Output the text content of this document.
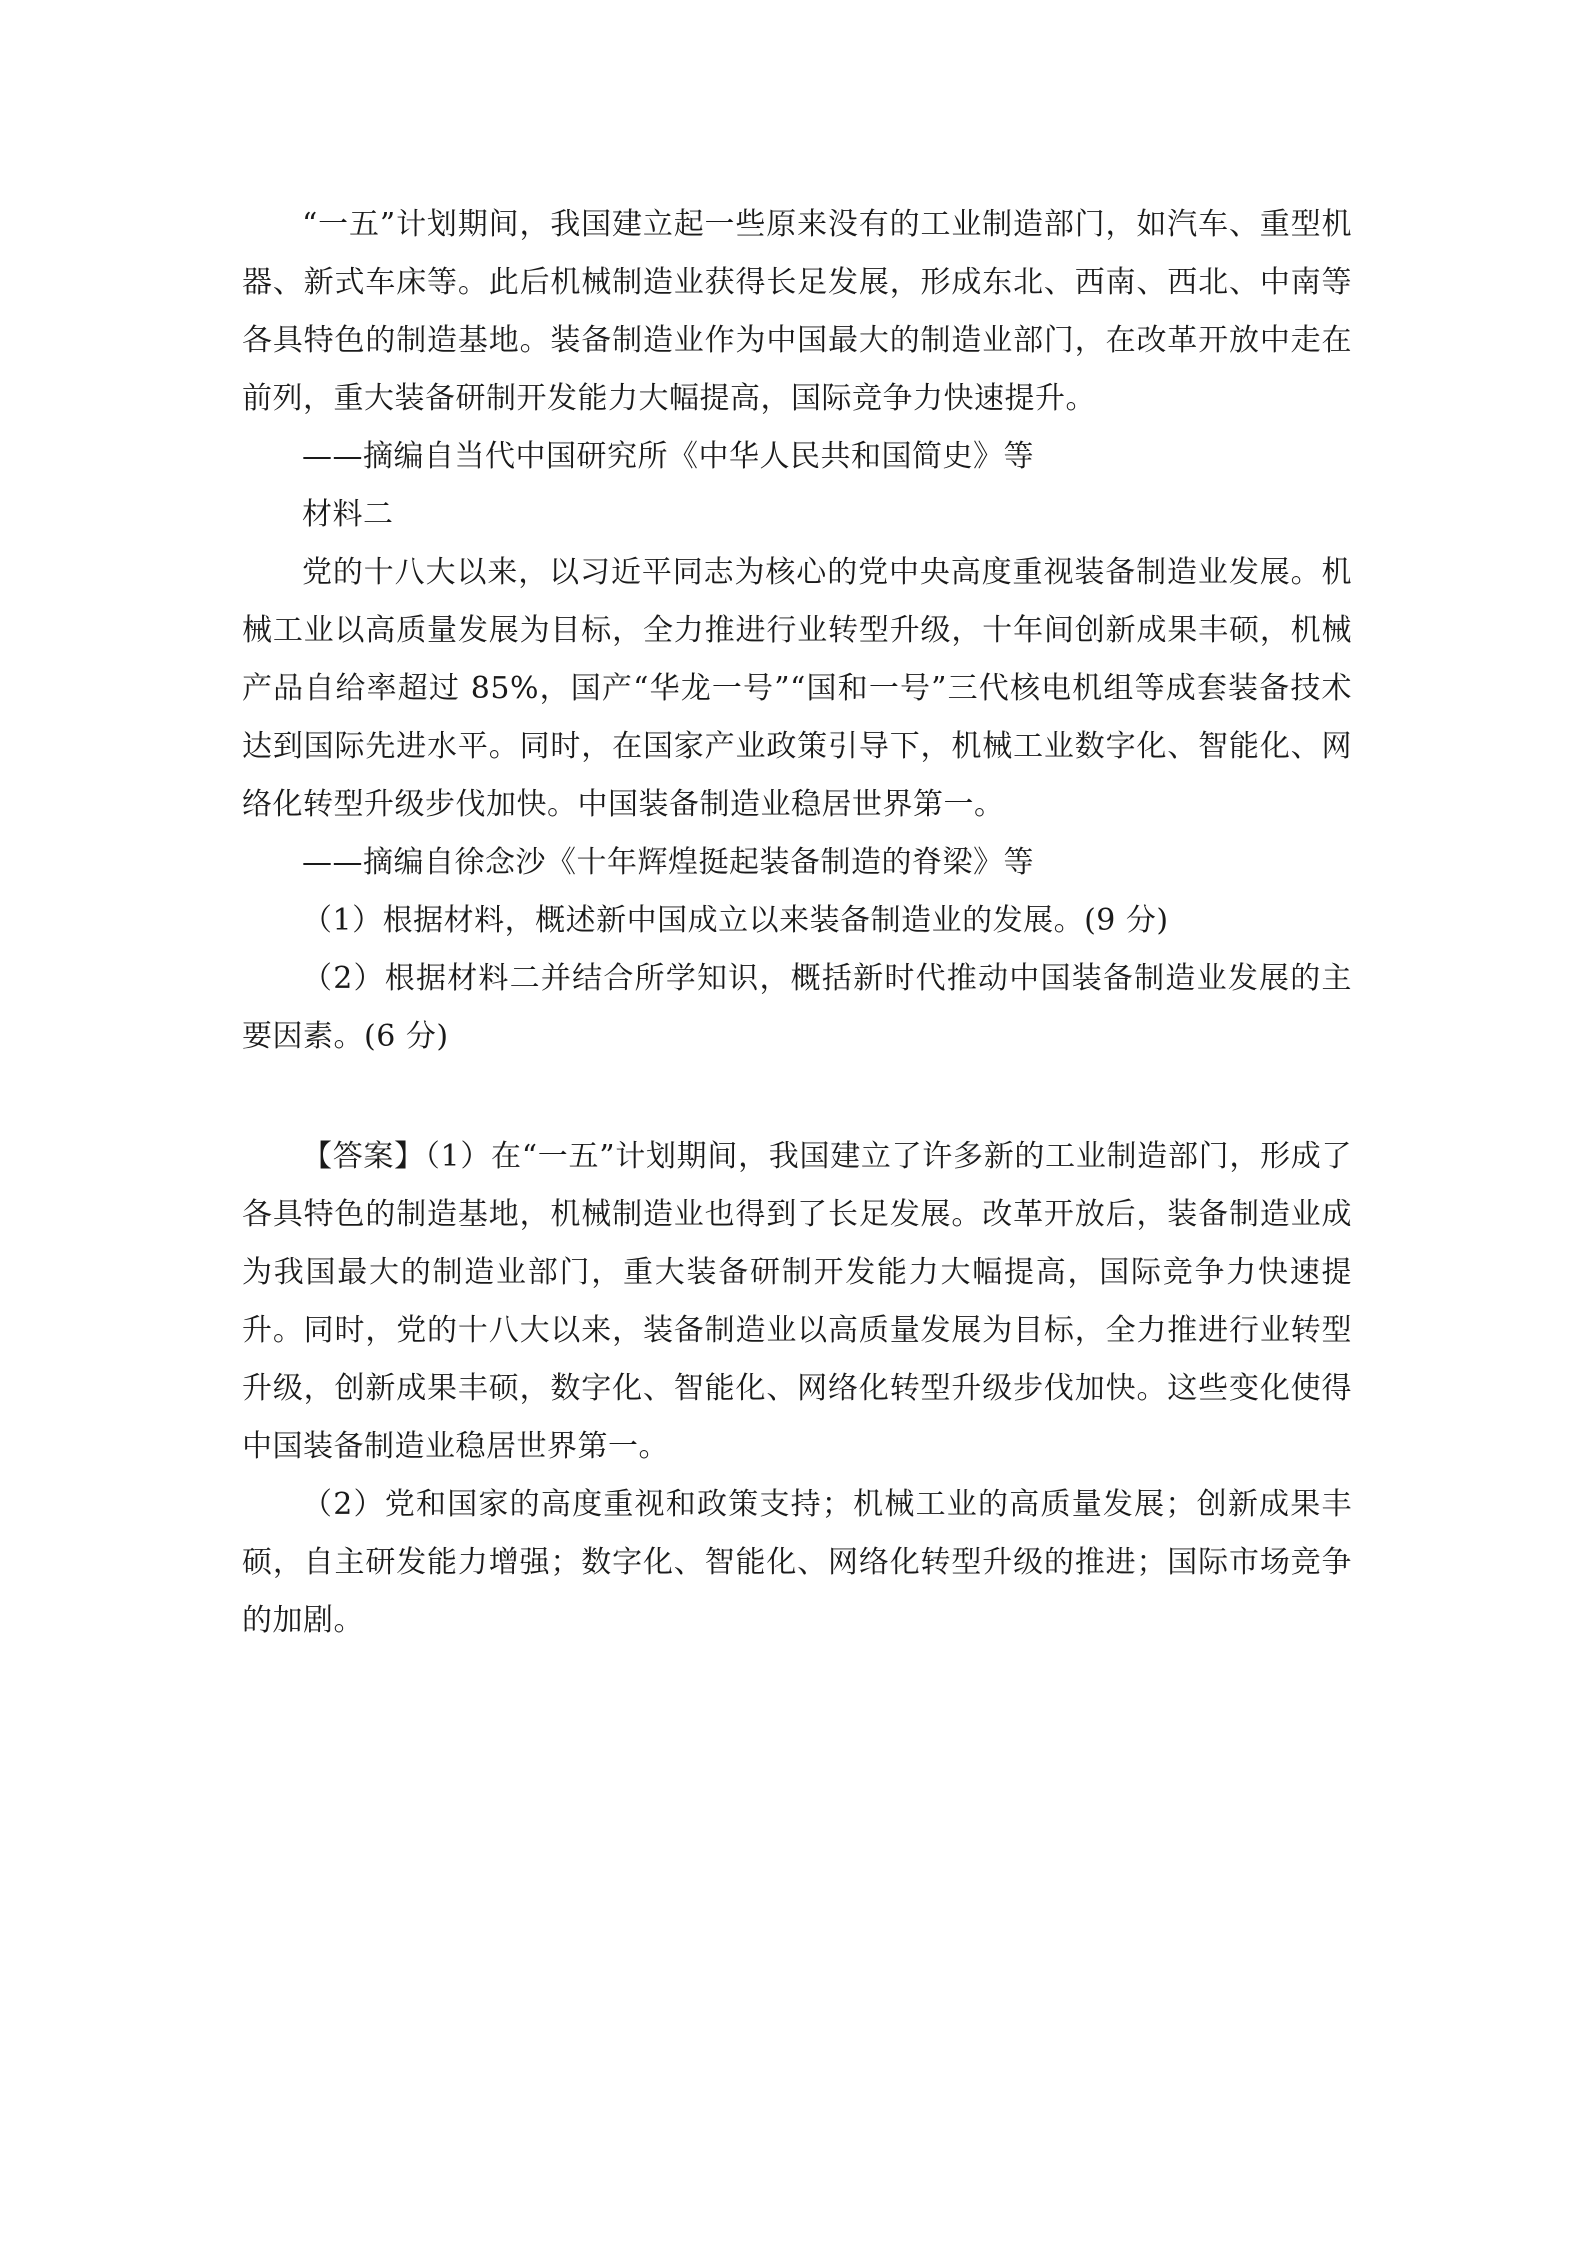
“一五”计划期间，我国建立起一些原来没有的工业制造部门，如汽车、重型机器、新式车床等。此后机械制造业获得长足发展，形成东北、西南、西北、中南等各具特色的制造基地。装备制造业作为中国最大的制造业部门，在改革开放中走在前列，重大装备研制开发能力大幅提高，国际竞争力快速提升。

——摘编自当代中国研究所《中华人民共和国简史》等

材料二

党的十八大以来，以习近平同志为核心的党中央高度重视装备制造业发展。机械工业以高质量发展为目标，全力推进行业转型升级，十年间创新成果丰硕，机械产品自给率超过 85%，国产“华龙一号”“国和一号”三代核电机组等成套装备技术达到国际先进水平。同时，在国家产业政策引导下，机械工业数字化、智能化、网络化转型升级步伐加快。中国装备制造业稳居世界第一。

——摘编自徐念沙《十年辉煌挺起装备制造的脊梁》等

（1）根据材料，概述新中国成立以来装备制造业的发展。(9 分)

（2）根据材料二并结合所学知识，概括新时代推动中国装备制造业发展的主要因素。(6 分)

【答案】（1）在“一五”计划期间，我国建立了许多新的工业制造部门，形成了各具特色的制造基地，机械制造业也得到了长足发展。改革开放后，装备制造业成为我国最大的制造业部门，重大装备研制开发能力大幅提高，国际竞争力快速提升。同时，党的十八大以来，装备制造业以高质量发展为目标，全力推进行业转型升级，创新成果丰硕，数字化、智能化、网络化转型升级步伐加快。这些变化使得中国装备制造业稳居世界第一。

（2）党和国家的高度重视和政策支持；机械工业的高质量发展；创新成果丰硕，自主研发能力增强；数字化、智能化、网络化转型升级的推进；国际市场竞争的加剧。
